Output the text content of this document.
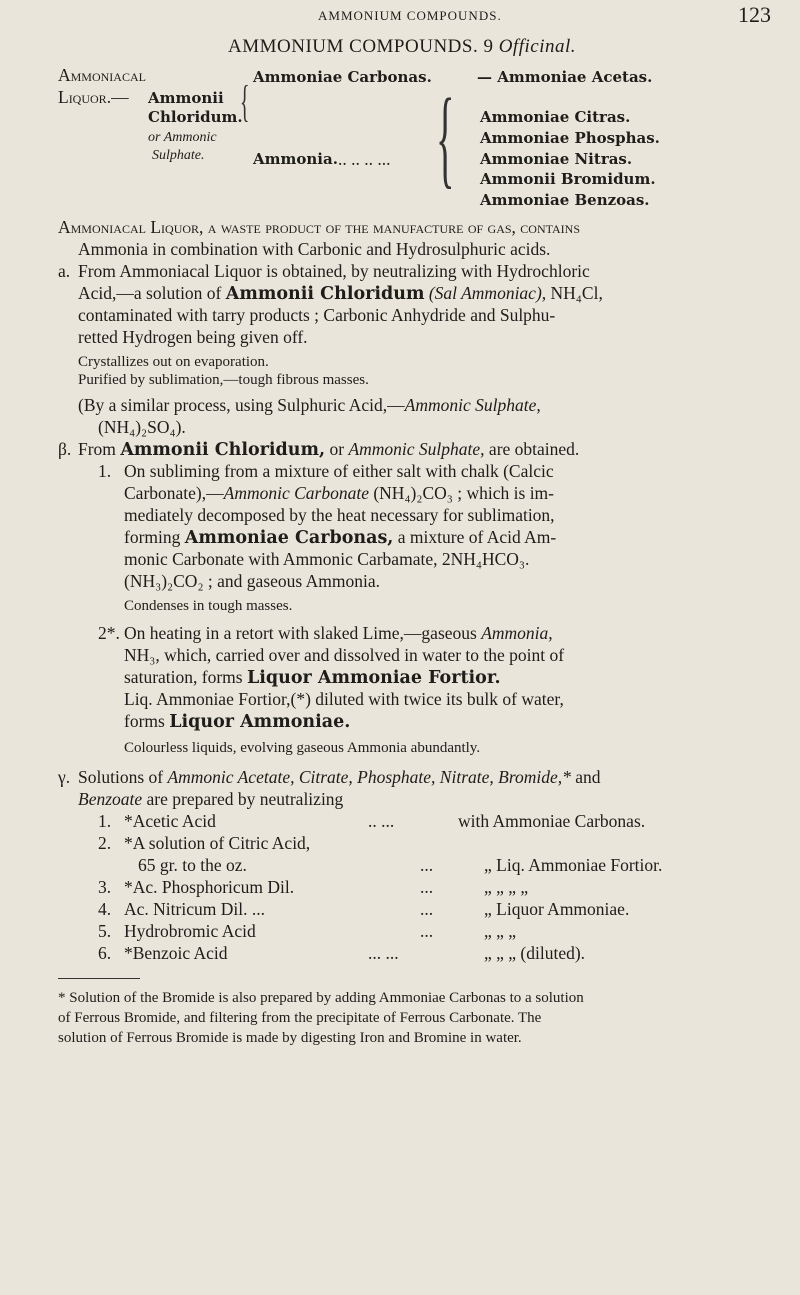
AMMONIUM COMPOUNDS.	123
AMMONIUM COMPOUNDS. 9 Officinal.
Ammoniacal
Liquor.— Ammonii
Chloridum.
or Ammonic
Sulphate.
{ Ammoniae Carbonas.	— Ammoniae Acetas.
Ammonia. .. .. .. ... { Ammoniae Citras.
Ammoniae Phosphas.
Ammoniae Nitras.
Ammonii Bromidum.
Ammoniae Benzoas.
Ammoniacal Liquor, a waste product of the manufacture of gas, contains
Ammonia in combination with Carbonic and Hydrosulphuric acids.
a. From Ammoniacal Liquor is obtained, by neutralizing with Hydrochloric
Acid,—a solution of Ammonii Chloridum (Sal Ammoniac), NH₄Cl,
contaminated with tarry products ; Carbonic Anhydride and Sulphu-
retted Hydrogen being given off.
Crystallizes out on evaporation.
Purified by sublimation,—tough fibrous masses.
(By a similar process, using Sulphuric Acid,—Ammonic Sulphate,
(NH₄)₂SO₄).
β. From Ammonii Chloridum, or Ammonic Sulphate, are obtained.
1. On subliming from a mixture of either salt with chalk (Calcic
Carbonate),—Ammonic Carbonate (NH₄)₂CO₃ ; which is im-
mediately decomposed by the heat necessary for sublimation,
forming Ammoniae Carbonas, a mixture of Acid Am-
monic Carbonate with Ammonic Carbamate, 2NH₄HCO₃.
(NH₃)₂CO₂ ; and gaseous Ammonia.
Condenses in tough masses.
2*. On heating in a retort with slaked Lime,—gaseous Ammonia,
NH₃, which, carried over and dissolved in water to the point of
saturation, forms Liquor Ammoniae Fortior.
Liq. Ammoniae Fortior,(*) diluted with twice its bulk of water,
forms Liquor Ammoniae.
Colourless liquids, evolving gaseous Ammonia abundantly.
γ. Solutions of Ammonic Acetate, Citrate, Phosphate, Nitrate, Bromide,* and
Benzoate are prepared by neutralizing
1. *Acetic Acid	.. ...	with Ammoniae Carbonas.
2. *A solution of Citric Acid,
65 gr. to the oz.	...	„ Liq. Ammoniae Fortior.
3. *Ac. Phosphoricum Dil.	...	„ „ „ „
4. Ac. Nitricum Dil. ...	...	„ Liquor Ammoniae.
5. Hydrobromic Acid	...	„ „ „
6. *Benzoic Acid	... ...	„ „ „ (diluted).
* Solution of the Bromide is also prepared by adding Ammoniae Carbonas to a solution
of Ferrous Bromide, and filtering from the precipitate of Ferrous Carbonate. The
solution of Ferrous Bromide is made by digesting Iron and Bromine in water.
